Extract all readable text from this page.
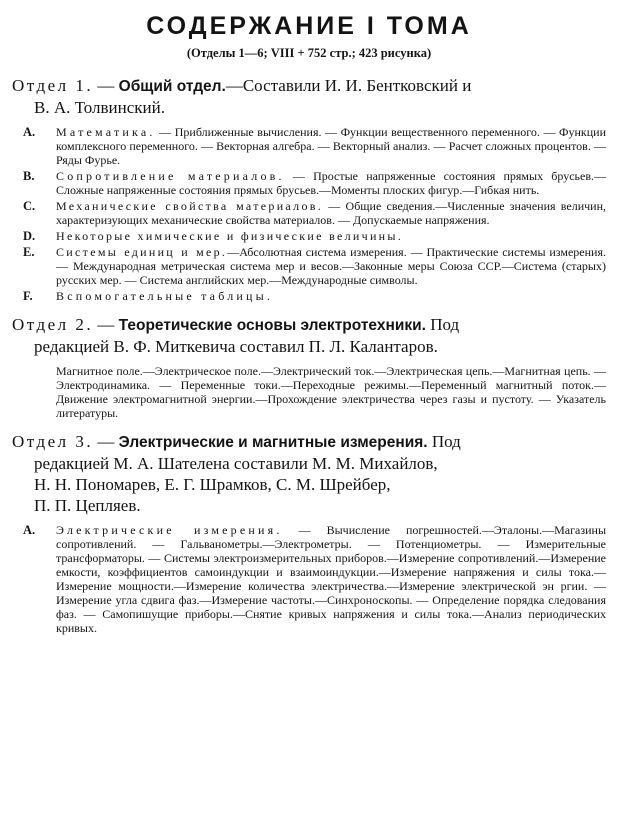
СОДЕРЖАНИЕ I ТОМА
(Отделы 1—6; VIII + 752 стр.; 423 рисунка)
Отдел 1. — Общий отдел.—Составили И. И. Бентковский и
В. А. Толвинский.
A. Математика. — Приближенные вычисления. — Функции вещественного переменного. — Функции комплексного переменного. — Векторная алгебра. — Векторный анализ. — Расчет сложных процентов. — Ряды Фурье.
B. Сопротивление материалов. — Простые напряженные состояния прямых брусьев.—Сложные напряженные состояния прямых брусьев.—Моменты плоских фигур.—Гибкая нить.
C. Механические свойства материалов. — Общие сведения.—Численные значения величин, характеризующих механические свойства материалов. — Допускаемые напряжения.
D. Некоторые химические и физические величины.
E. Системы единиц и мер.—Абсолютная система измерения. — Практические системы измерения. — Международная метрическая система мер и весов.—Законные меры Союза ССР.—Система (старых) русских мер. — Система английских мер.—Международные символы.
F. Вспомогательные таблицы.
Отдел 2. — Теоретические основы электротехники. Под
редакцией В. Ф. Миткевича составил П. Л. Калантаров.
Магнитное поле.—Электрическое поле.—Электрический ток.—Электрическая цепь.—Магнитная цепь. — Электродинамика. — Переменные токи.—Переходные режимы.—Переменный магнитный поток.—Движение электромагнитной энергии.—Прохождение электричества через газы и пустоту. — Указатель литературы.
Отдел 3. — Электрические и магнитные измерения. Под
редакцией М. А. Шателена составили М. М. Михайлов,
Н. Н. Пономарев, Е. Г. Шрамков, С. М. Шрейбер,
П. П. Цепляев.
A. Электрические измерения. — Вычисление погрешностей.—Эталоны.—Магазины сопротивлений. — Гальванометры.—Электрометры. — Потенциометры. — Измерительные трансформаторы. — Системы электроизмерительных приборов.—Измерение сопротивлений.—Измерение емкости, коэффициентов самоиндукции и взаимоиндукции.—Измерение напряжения и силы тока.—Измерение мощности.—Измерение количества электричества.—Измерение электрической эн ргии. — Измерение угла сдвига фаз.—Измерение частоты.—Синхроноскопы. — Определение порядка следования фаз. — Самопишущие приборы.—Снятие кривых напряжения и силы тока.—Анализ периодических кривых.
